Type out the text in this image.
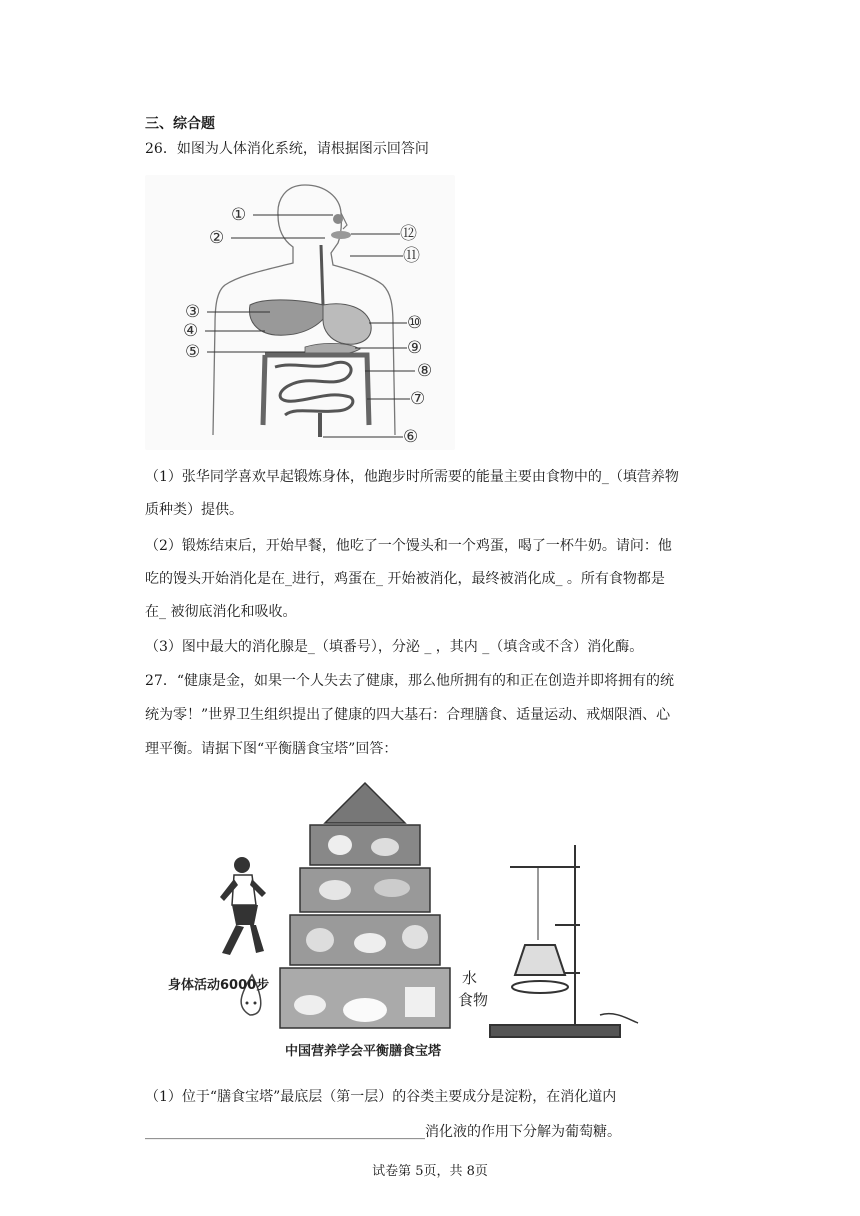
三、综合题
26．如图为人体消化系统，请根据图示回答问
①
②
③
④
⑤
⑥
⑦
⑧
⑨
⑩
⑪
⑫
（1）张华同学喜欢早起锻炼身体，他跑步时所需要的能量主要由食物中的_（填营养物
质种类）提供。
（2）锻炼结束后，开始早餐，他吃了一个馒头和一个鸡蛋，喝了一杯牛奶。请问：他
吃的馒头开始消化是在_进行，鸡蛋在_ 开始被消化，最终被消化成_ 。所有食物都是
在_ 被彻底消化和吸收。
（3）图中最大的消化腺是_（填番号），分泌 _ ，其内 _（填含或不含）消化酶。
27．“健康是金，如果一个人失去了健康，那么他所拥有的和正在创造并即将拥有的统
统为零！”世界卫生组织提出了健康的四大基石：合理膳食、适量运动、戒烟限酒、心
理平衡。请据下图“平衡膳食宝塔”回答：
身体活动6000步
中国营养学会平衡膳食宝塔
水
食物
（1）位于“膳食宝塔”最底层（第一层）的谷类主要成分是淀粉，在消化道内
________________________________________消化液的作用下分解为葡萄糖。
试卷第 5页，共 8页
